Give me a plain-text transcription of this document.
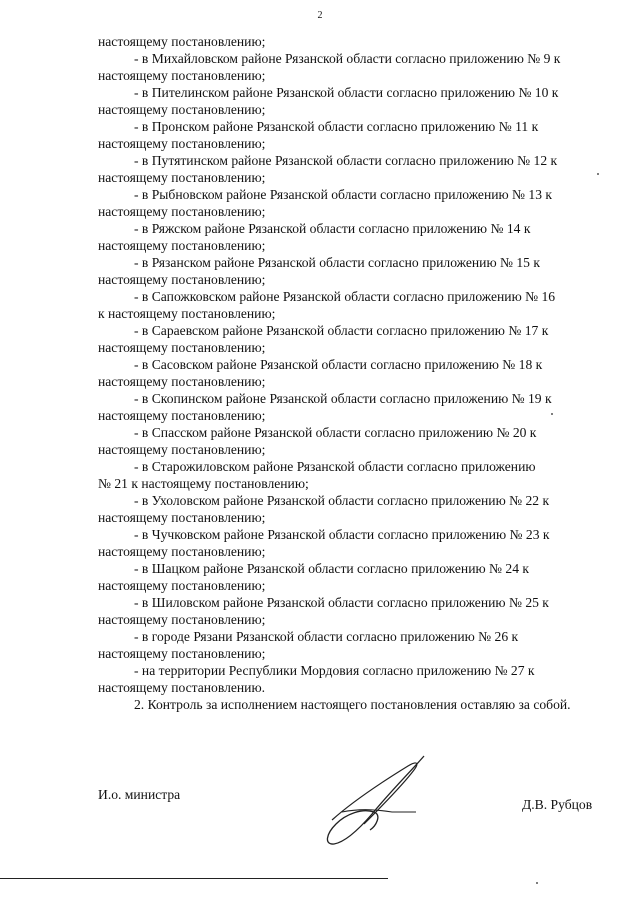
2

настоящему постановлению;

- в Михайловском районе Рязанской области согласно приложению № 9 к

настоящему постановлению;

- в Пителинском районе Рязанской области согласно приложению № 10 к

настоящему постановлению;

- в Пронском районе Рязанской области согласно приложению № 11 к

настоящему постановлению;

- в Путятинском районе Рязанской области согласно приложению № 12 к

настоящему постановлению;

- в Рыбновском районе Рязанской области согласно приложению № 13 к

настоящему постановлению;

- в Ряжском районе Рязанской области согласно приложению № 14 к

настоящему постановлению;

- в Рязанском районе Рязанской области согласно приложению № 15 к

настоящему постановлению;

- в Сапожковском районе Рязанской области согласно приложению № 16

к настоящему постановлению;

- в Сараевском районе Рязанской области согласно приложению № 17 к

настоящему постановлению;

- в Сасовском районе Рязанской области согласно приложению № 18 к

настоящему постановлению;

- в Скопинском районе Рязанской области согласно приложению № 19 к

настоящему постановлению;

- в Спасском районе Рязанской области согласно приложению № 20 к

настоящему постановлению;

- в Старожиловском районе Рязанской области согласно приложению

№ 21 к настоящему постановлению;

- в Ухоловском районе Рязанской области согласно приложению № 22 к

настоящему постановлению;

- в Чучковском районе Рязанской области согласно приложению № 23 к

настоящему постановлению;

- в Шацком районе Рязанской области согласно приложению № 24 к

настоящему постановлению;

- в Шиловском районе Рязанской области согласно приложению № 25 к

настоящему постановлению;

- в городе Рязани Рязанской области согласно приложению № 26 к

настоящему постановлению;

- на территории Республики Мордовия согласно приложению № 27 к

настоящему постановлению.

2. Контроль за исполнением настоящего постановления оставляю за собой.

И.о. министра
Д.В. Рубцов
